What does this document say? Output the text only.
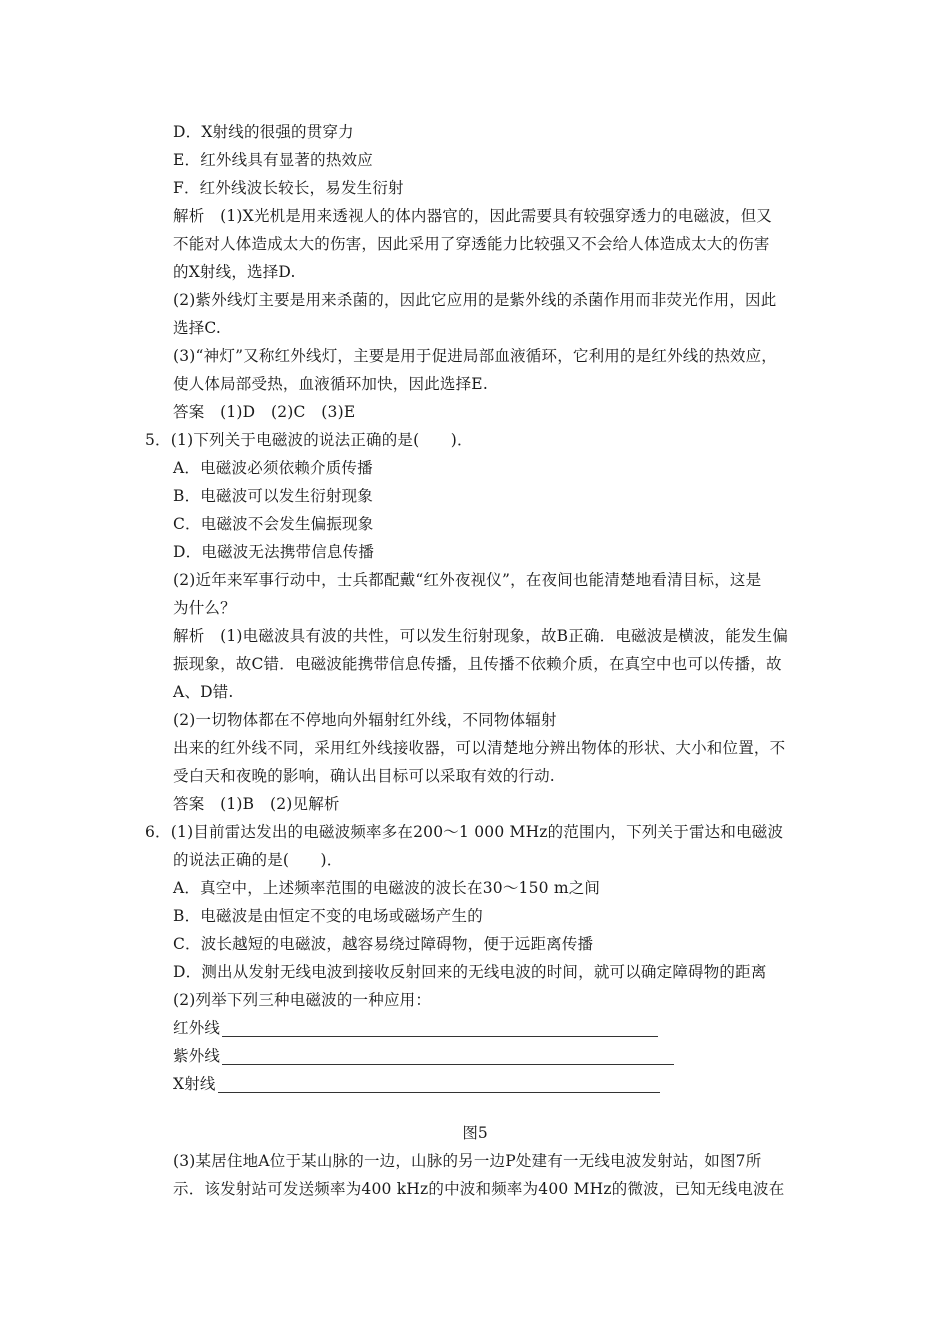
D．X射线的很强的贯穿力
E．红外线具有显著的热效应
F．红外线波长较长，易发生衍射
解析　(1)X光机是用来透视人的体内器官的，因此需要具有较强穿透力的电磁波，但又
不能对人体造成太大的伤害，因此采用了穿透能力比较强又不会给人体造成太大的伤害
的X射线，选择D.
(2)紫外线灯主要是用来杀菌的，因此它应用的是紫外线的杀菌作用而非荧光作用，因此
选择C.
(3)“神灯”又称红外线灯，主要是用于促进局部血液循环，它利用的是红外线的热效应，
使人体局部受热，血液循环加快，因此选择E.
答案　(1)D　(2)C　(3)E
5．(1)下列关于电磁波的说法正确的是(　　)．
A．电磁波必须依赖介质传播
B．电磁波可以发生衍射现象
C．电磁波不会发生偏振现象
D．电磁波无法携带信息传播
(2)近年来军事行动中，士兵都配戴“红外夜视仪”，在夜间也能清楚地看清目标，这是
为什么？
解析　(1)电磁波具有波的共性，可以发生衍射现象，故B正确．电磁波是横波，能发生偏
振现象，故C错．电磁波能携带信息传播，且传播不依赖介质，在真空中也可以传播，故
A、D错.
(2)一切物体都在不停地向外辐射红外线，不同物体辐射
出来的红外线不同，采用红外线接收器，可以清楚地分辨出物体的形状、大小和位置，不
受白天和夜晚的影响，确认出目标可以采取有效的行动.
答案　(1)B　(2)见解析
6．(1)目前雷达发出的电磁波频率多在200～1 000 MHz的范围内，下列关于雷达和电磁波
的说法正确的是(　　)．
A．真空中，上述频率范围的电磁波的波长在30～150 m之间
B．电磁波是由恒定不变的电场或磁场产生的
C．波长越短的电磁波，越容易绕过障碍物，便于远距离传播
D．测出从发射无线电波到接收反射回来的无线电波的时间，就可以确定障碍物的距离
(2)列举下列三种电磁波的一种应用：
红外线
紫外线
X射线
图5
(3)某居住地A位于某山脉的一边，山脉的另一边P处建有一无线电波发射站，如图7所
示．该发射站可发送频率为400 kHz的中波和频率为400 MHz的微波，已知无线电波在
